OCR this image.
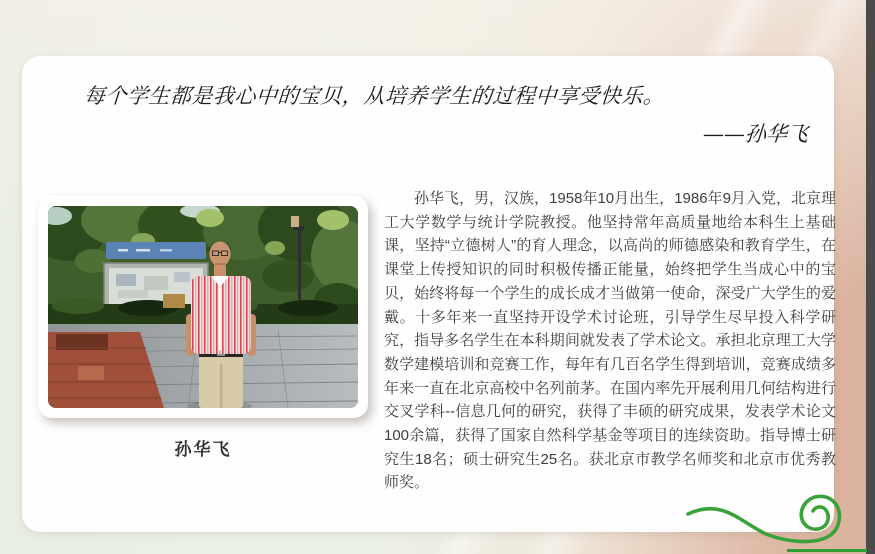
每个学生都是我心中的宝贝，从培养学生的过程中享受快乐。
——孙华飞
孙华飞

孙华飞，男，汉族，1958年10月出生，1986年9月入党，北京理工大学数学与统计学院教授。他坚持常年高质量地给本科生上基础课，坚持“立德树人”的育人理念，以高尚的师德感染和教育学生，在课堂上传授知识的同时积极传播正能量，始终把学生当成心中的宝贝，始终将每一个学生的成长成才当做第一使命，深受广大学生的爱戴。十多年来一直坚持开设学术讨论班，引导学生尽早投入科学研究，指导多名学生在本科期间就发表了学术论文。承担北京理工大学数学建模培训和竞赛工作，每年有几百名学生得到培训，竞赛成绩多年来一直在北京高校中名列前茅。在国内率先开展利用几何结构进行交叉学科--信息几何的研究，获得了丰硕的研究成果，发表学术论文100余篇，获得了国家自然科学基金等项目的连续资助。指导博士研究生18名；硕士研究生25名。获北京市教学名师奖和北京市优秀教师奖。
